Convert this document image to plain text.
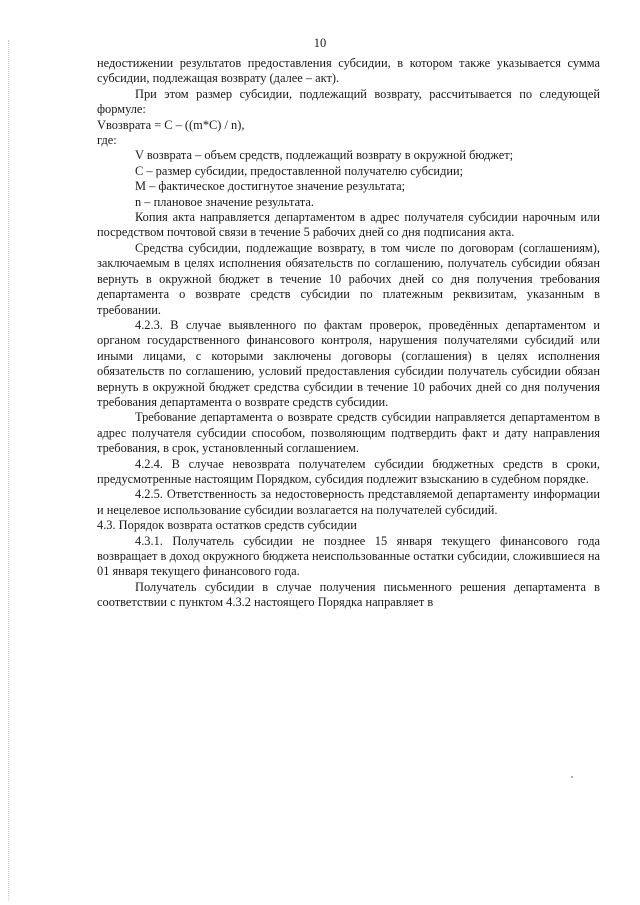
10

недостижении результатов предоставления субсидии, в котором также указывается сумма субсидии, подлежащая возврату (далее – акт).

При этом размер субсидии, подлежащий возврату, рассчитывается по следующей формуле:

Vвозврата = C – ((m*C) / n),

где:

V возврата – объем средств, подлежащий возврату в окружной бюджет;

С – размер субсидии, предоставленной получателю субсидии;

М – фактическое достигнутое значение результата;

n – плановое значение результата.

Копия акта направляется департаментом в адрес получателя субсидии нарочным или посредством почтовой связи в течение 5 рабочих дней со дня подписания акта.

Средства субсидии, подлежащие возврату, в том числе по договорам (соглашениям), заключаемым в целях исполнения обязательств по соглашению, получатель субсидии обязан вернуть в окружной бюджет в течение 10 рабочих дней со дня получения требования департамента о возврате средств субсидии по платежным реквизитам, указанным в требовании.

4.2.3. В случае выявленного по фактам проверок, проведённых департаментом и органом государственного финансового контроля, нарушения получателями субсидий или иными лицами, с которыми заключены договоры (соглашения) в целях исполнения обязательств по соглашению, условий предоставления субсидии получатель субсидии обязан вернуть в окружной бюджет средства субсидии в течение 10 рабочих дней со дня получения требования департамента о возврате средств субсидии.

Требование департамента о возврате средств субсидии направляется департаментом в адрес получателя субсидии способом, позволяющим подтвердить факт и дату направления требования, в срок, установленный соглашением.

4.2.4. В случае невозврата получателем субсидии бюджетных средств в сроки, предусмотренные настоящим Порядком, субсидия подлежит взысканию в судебном порядке.

4.2.5. Ответственность за недостоверность представляемой департаменту информации и нецелевое использование субсидии возлагается на получателей субсидий.

4.3. Порядок возврата остатков средств субсидии

4.3.1. Получатель субсидии не позднее 15 января текущего финансового года возвращает в доход окружного бюджета неиспользованные остатки субсидии, сложившиеся на 01 января текущего финансового года.

Получатель субсидии в случае получения письменного решения департамента в соответствии с пунктом 4.3.2 настоящего Порядка направляет в
